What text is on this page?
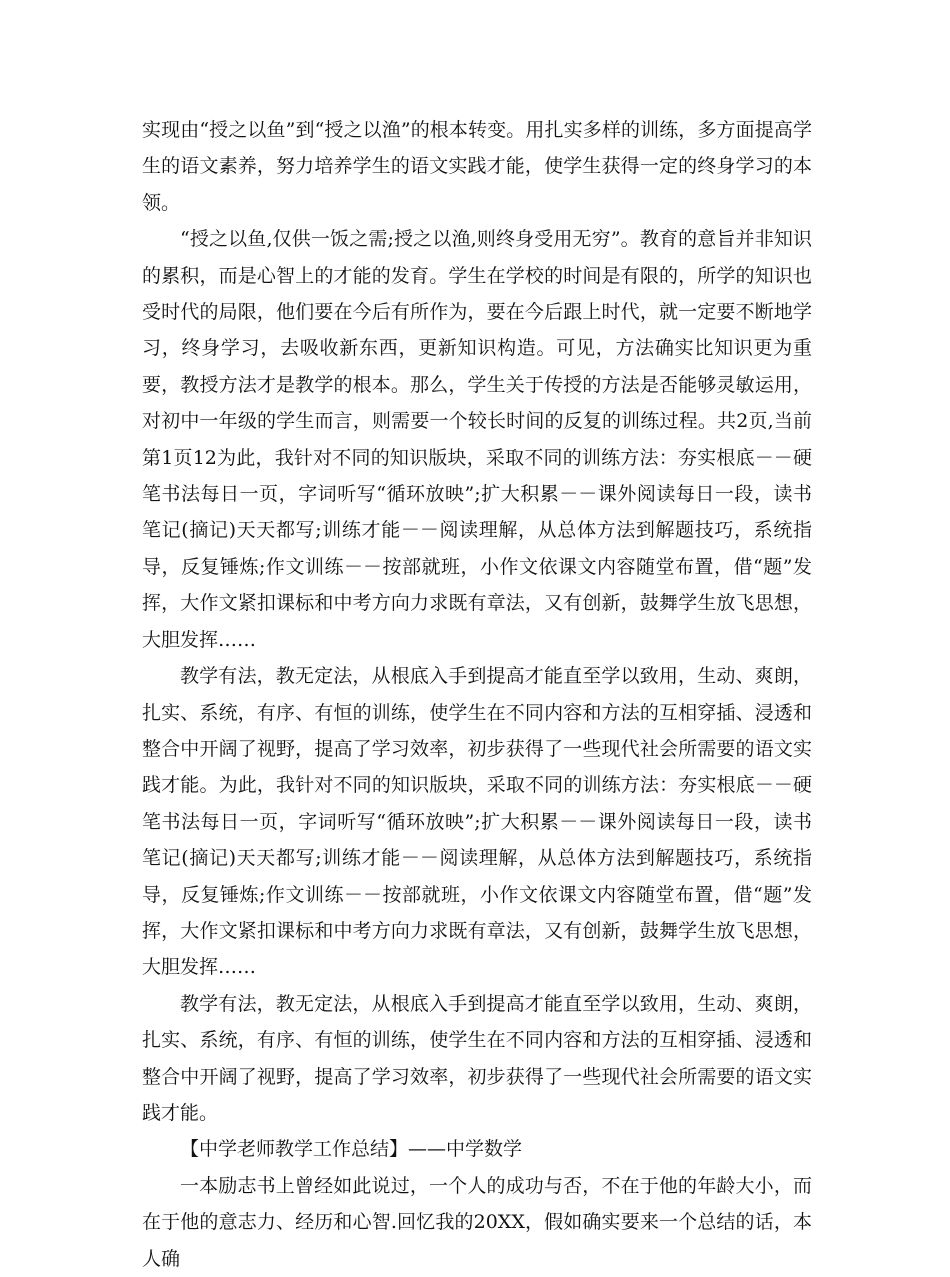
实现由“授之以鱼”到“授之以渔”的根本转变。用扎实多样的训练，多方面提高学生的语文素养，努力培养学生的语文实践才能，使学生获得一定的终身学习的本领。

“授之以鱼,仅供一饭之需;授之以渔,则终身受用无穷”。教育的意旨并非知识的累积，而是心智上的才能的发育。学生在学校的时间是有限的，所学的知识也受时代的局限，他们要在今后有所作为，要在今后跟上时代，就一定要不断地学习，终身学习，去吸收新东西，更新知识构造。可见，方法确实比知识更为重要，教授方法才是教学的根本。那么，学生关于传授的方法是否能够灵敏运用，对初中一年级的学生而言，则需要一个较长时间的反复的训练过程。共2页,当前第1页12为此，我针对不同的知识版块，采取不同的训练方法：夯实根底－－硬笔书法每日一页，字词听写“循环放映”;扩大积累－－课外阅读每日一段，读书笔记(摘记)天天都写;训练才能－－阅读理解，从总体方法到解题技巧，系统指导，反复锤炼;作文训练－－按部就班，小作文依课文内容随堂布置，借“题”发挥，大作文紧扣课标和中考方向力求既有章法，又有创新，鼓舞学生放飞思想，大胆发挥……

教学有法，教无定法，从根底入手到提高才能直至学以致用，生动、爽朗，扎实、系统，有序、有恒的训练，使学生在不同内容和方法的互相穿插、浸透和整合中开阔了视野，提高了学习效率，初步获得了一些现代社会所需要的语文实践才能。为此，我针对不同的知识版块，采取不同的训练方法：夯实根底－－硬笔书法每日一页，字词听写“循环放映”;扩大积累－－课外阅读每日一段，读书笔记(摘记)天天都写;训练才能－－阅读理解，从总体方法到解题技巧，系统指导，反复锤炼;作文训练－－按部就班，小作文依课文内容随堂布置，借“题”发挥，大作文紧扣课标和中考方向力求既有章法，又有创新，鼓舞学生放飞思想，大胆发挥……

教学有法，教无定法，从根底入手到提高才能直至学以致用，生动、爽朗，扎实、系统，有序、有恒的训练，使学生在不同内容和方法的互相穿插、浸透和整合中开阔了视野，提高了学习效率，初步获得了一些现代社会所需要的语文实践才能。

【中学老师教学工作总结】——中学数学

一本励志书上曾经如此说过，一个人的成功与否，不在于他的年龄大小，而在于他的意志力、经历和心智.回忆我的20XX，假如确实要来一个总结的话，本人确
